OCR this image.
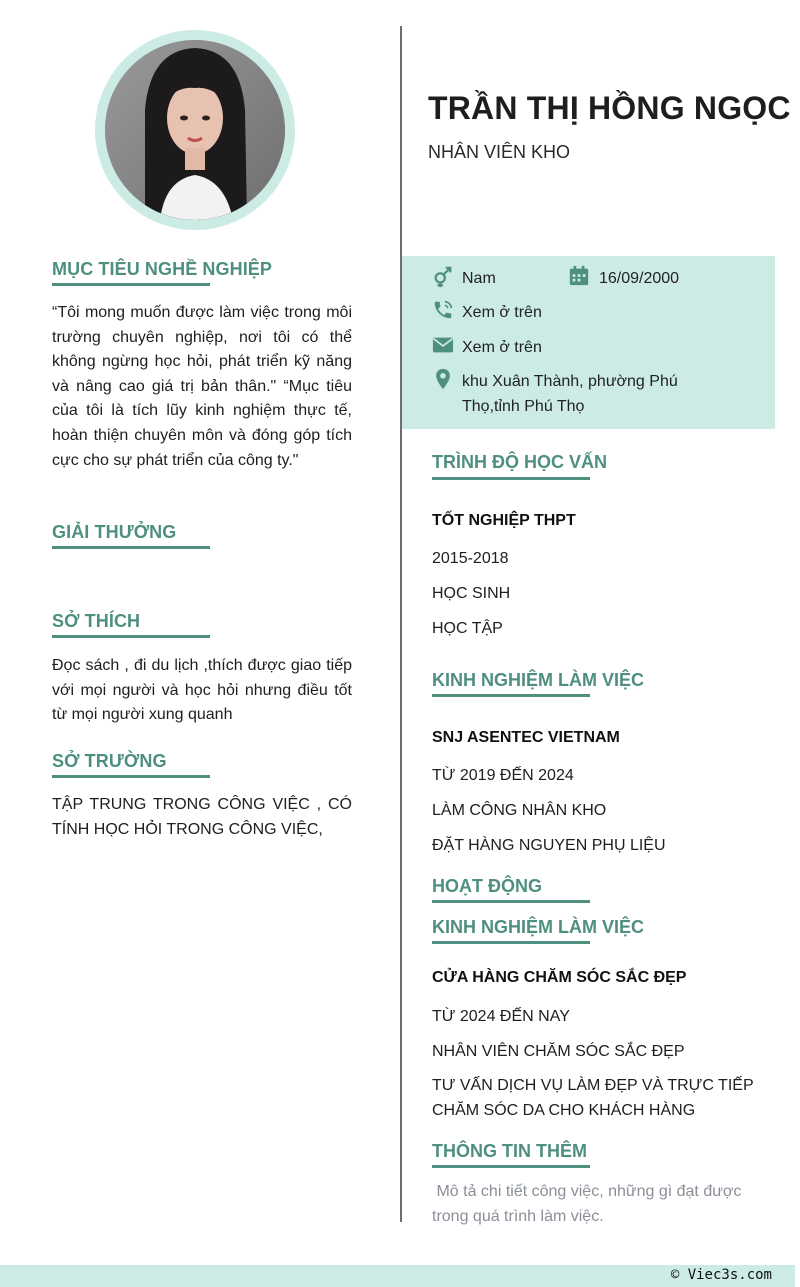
MỤC TIÊU NGHỀ NGHIỆP
“Tôi mong muốn được làm việc trong môi trường chuyên nghiệp, nơi tôi có thể không ngừng học hỏi, phát triển kỹ năng và nâng cao giá trị bản thân." “Mục tiêu của tôi là tích lũy kinh nghiệm thực tế, hoàn thiện chuyên môn và đóng góp tích cực cho sự phát triển của công ty."
GIẢI THƯỞNG
SỞ THÍCH
Đọc sách , đi du lịch ,thích được giao tiếp với mọi người và học hỏi nhưng điều tốt từ mọi người xung quanh
SỞ TRƯỜNG
TẬP TRUNG TRONG CÔNG VIỆC , CÓ TÍNH HỌC HỎI TRONG CÔNG VIỆC,
TRẦN THỊ HỒNG NGỌC
NHÂN VIÊN KHO
Nam	16/09/2000
Xem ở trên
Xem ở trên
khu Xuân Thành, phường Phú Thọ,tỉnh Phú Thọ
TRÌNH ĐỘ HỌC VẤN
TỐT NGHIỆP THPT
2015-2018
HỌC SINH
HỌC TẬP
KINH NGHIỆM LÀM VIỆC
SNJ ASENTEC VIETNAM
TỪ 2019 ĐẾN 2024
LÀM CÔNG NHÂN KHO
ĐẶT HÀNG NGUYEN PHỤ LIỆU
HOẠT ĐỘNG
KINH NGHIỆM LÀM VIỆC
CỬA HÀNG CHĂM SÓC SẮC ĐẸP
TỪ 2024 ĐẾN NAY
NHÂN VIÊN CHĂM SÓC SẮC ĐẸP
TƯ VẤN DỊCH VỤ LÀM ĐẸP VÀ TRỰC TIẾP CHĂM SÓC DA CHO KHÁCH HÀNG
THÔNG TIN THÊM
Mô tả chi tiết công việc, những gì đạt được trong quá trình làm việc.
© Viec3s.com
